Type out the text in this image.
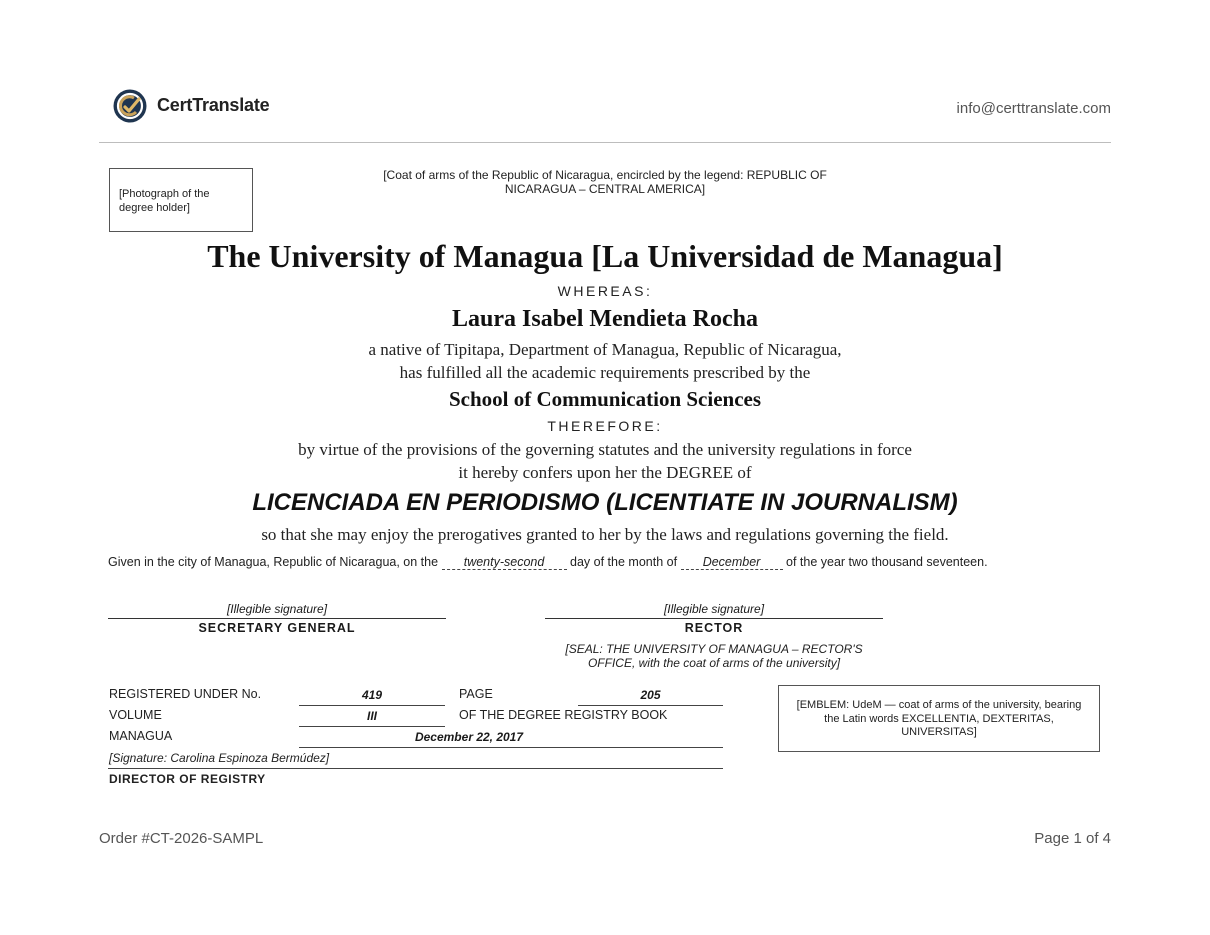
CertTranslate	info@certtranslate.com
[Photograph of the degree holder]
[Coat of arms of the Republic of Nicaragua, encircled by the legend: REPUBLIC OF NICARAGUA – CENTRAL AMERICA]
The University of Managua [La Universidad de Managua]
WHEREAS:
Laura Isabel Mendieta Rocha
a native of Tipitapa, Department of Managua, Republic of Nicaragua,
has fulfilled all the academic requirements prescribed by the
School of Communication Sciences
THEREFORE:
by virtue of the provisions of the governing statutes and the university regulations in force
it hereby confers upon her the DEGREE of
LICENCIADA EN PERIODISMO (LICENTIATE IN JOURNALISM)
so that she may enjoy the prerogatives granted to her by the laws and regulations governing the field.
Given in the city of Managua, Republic of Nicaragua, on the twenty-second day of the month of December of the year two thousand seventeen.
[Illegible signature]
SECRETARY GENERAL
[Illegible signature]
RECTOR
[SEAL: THE UNIVERSITY OF MANAGUA – RECTOR'S OFFICE, with the coat of arms of the university]
REGISTERED UNDER No.	419	PAGE	205
VOLUME	III	OF THE DEGREE REGISTRY BOOK
MANAGUA	December 22, 2017
[Signature: Carolina Espinoza Bermúdez]
DIRECTOR OF REGISTRY
[EMBLEM: UdeM — coat of arms of the university, bearing the Latin words EXCELLENTIA, DEXTERITAS, UNIVERSITAS]
Order #CT-2026-SAMPL	Page 1 of 4
